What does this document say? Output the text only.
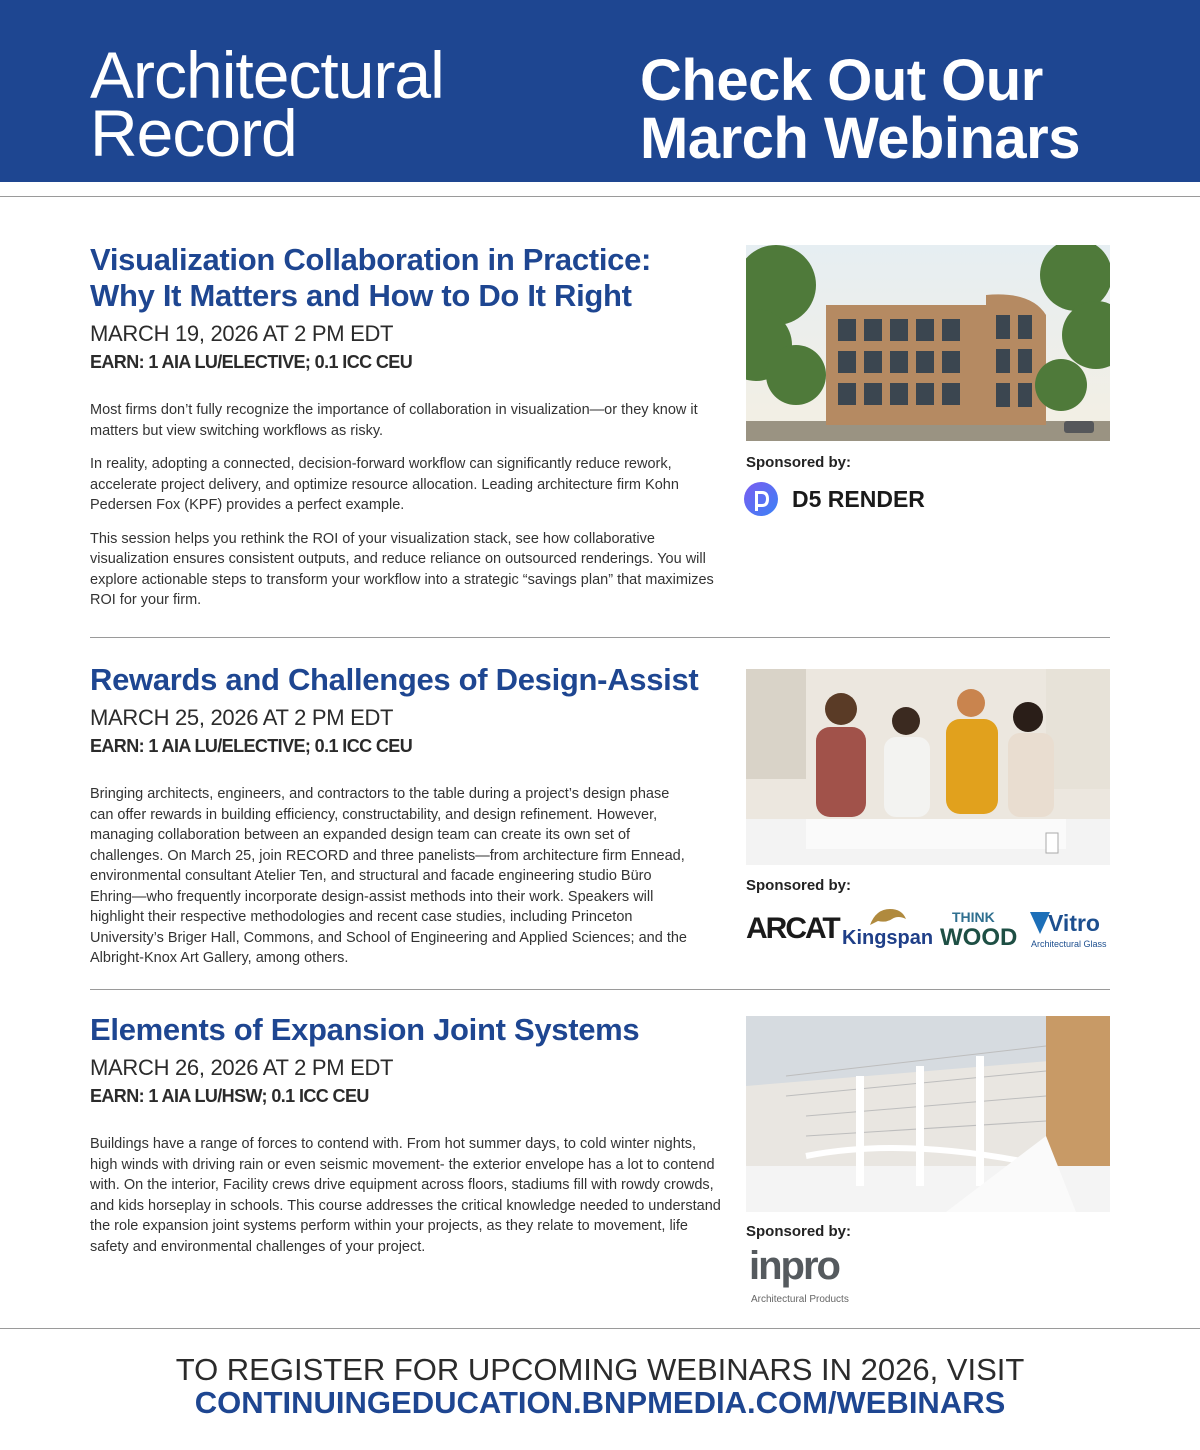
Architectural
Record
Check Out Our
March Webinars
Visualization Collaboration in Practice:
Why It Matters and How to Do It Right
MARCH 19, 2026 AT 2 PM EDT
EARN: 1 AIA LU/ELECTIVE; 0.1 ICC CEU

Most firms don’t fully recognize the importance of collaboration in visualization—or they know it matters but view switching workflows as risky.

In reality, adopting a connected, decision-forward workflow can significantly reduce rework, accelerate project delivery, and optimize resource allocation. Leading architecture firm Kohn Pedersen Fox (KPF) provides a perfect example.

This session helps you rethink the ROI of your visualization stack, see how collaborative visualization ensures consistent outputs, and reduce reliance on outsourced renderings. You will explore actionable steps to transform your workflow into a strategic “savings plan” that maximizes ROI for your firm.

Sponsored by:
D5 RENDER
Rewards and Challenges of Design-Assist
MARCH 25, 2026 AT 2 PM EDT
EARN: 1 AIA LU/ELECTIVE; 0.1 ICC CEU

Bringing architects, engineers, and contractors to the table during a project’s design phase can offer rewards in building efficiency, constructability, and design refinement. However, managing collaboration between an expanded design team can create its own set of challenges. On March 25, join RECORD and three panelists—from architecture firm Ennead, environmental consultant Atelier Ten, and structural and facade engineering studio Büro Ehring—who frequently incorporate design-assist methods into their work. Speakers will highlight their respective methodologies and recent case studies, including Princeton University’s Briger Hall, Commons, and School of Engineering and Applied Sciences; and the Albright-Knox Art Gallery, among others.

Sponsored by:
ARCAT Kingspan
THINK
WOOD
Vitro
Architectural Glass
Elements of Expansion Joint Systems
MARCH 26, 2026 AT 2 PM EDT
EARN: 1 AIA LU/HSW; 0.1 ICC CEU

Buildings have a range of forces to contend with. From hot summer days, to cold winter nights, high winds with driving rain or even seismic movement- the exterior envelope has a lot to contend with. On the interior, Facility crews drive equipment across floors, stadiums fill with rowdy crowds, and kids horseplay in schools. This course addresses the critical knowledge needed to understand the role expansion joint systems perform within your projects, as they relate to movement, life safety and environmental challenges of your project.

Sponsored by:
inpro
Architectural Products
TO REGISTER FOR UPCOMING WEBINARS IN 2026, VISIT
CONTINUINGEDUCATION.BNPMEDIA.COM/WEBINARS
